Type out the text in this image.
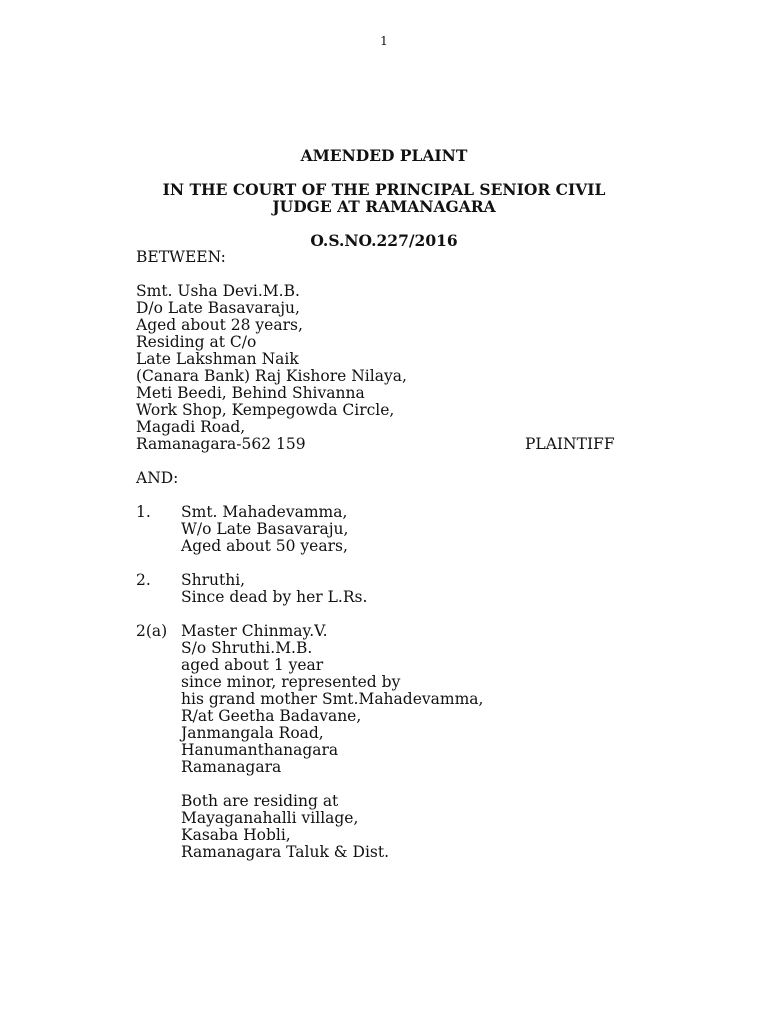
1
AMENDED PLAINT
IN THE COURT OF THE PRINCIPAL SENIOR CIVIL
JUDGE AT RAMANAGARA
O.S.NO.227/2016
BETWEEN:
Smt. Usha Devi.M.B.
D/o Late Basavaraju,
Aged about 28 years,
Residing at C/o
Late Lakshman Naik
(Canara Bank) Raj Kishore Nilaya,
Meti Beedi, Behind Shivanna
Work Shop, Kempegowda Circle,
Magadi Road,
Ramanagara-562 159	PLAINTIFF
AND:
1. Smt. Mahadevamma,
W/o Late Basavaraju,
Aged about 50 years,
2. Shruthi,
Since dead by her L.Rs.
2(a) Master Chinmay.V.
S/o Shruthi.M.B.
aged about 1 year
since minor, represented by
his grand mother Smt.Mahadevamma,
R/at Geetha Badavane,
Janmangala Road,
Hanumanthanagara
Ramanagara
Both are residing at
Mayaganahalli village,
Kasaba Hobli,
Ramanagara Taluk & Dist.
